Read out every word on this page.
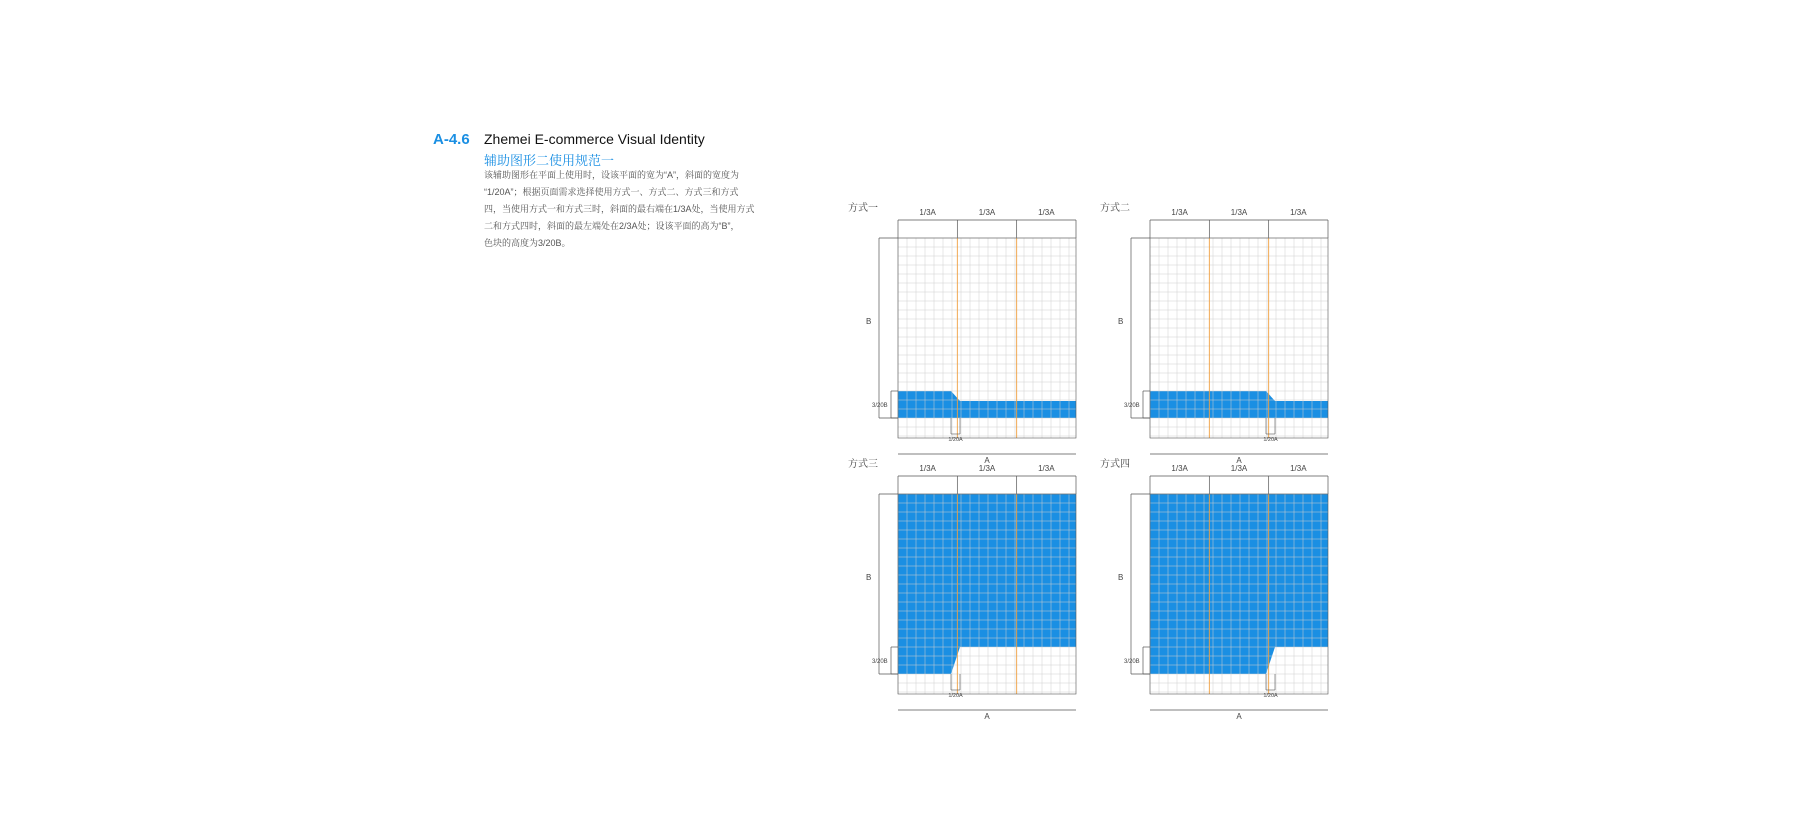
A-4.6 Zhemei E-commerce Visual Identity
辅助图形二使用规范一
该辅助图形在平面上使用时，设该平面的宽为“A”，斜面的宽度为
“1/20A”；根据页面需求选择使用方式一、方式二、方式三和方式
四，当使用方式一和方式三时，斜面的最右端在1/3A处，当使用方式
二和方式四时，斜面的最左端处在2/3A处；设该平面的高为“B”，
色块的高度为3/20B。
方式一	1/3A	1/3A	1/3A
B
3/20B
1/20A
A
方式二	1/3A	1/3A	1/3A
B
3/20B
1/20A
A
方式三	1/3A	1/3A	1/3A
B
3/20B
1/20A
A
方式四	1/3A	1/3A	1/3A
B
3/20B
1/20A
A
